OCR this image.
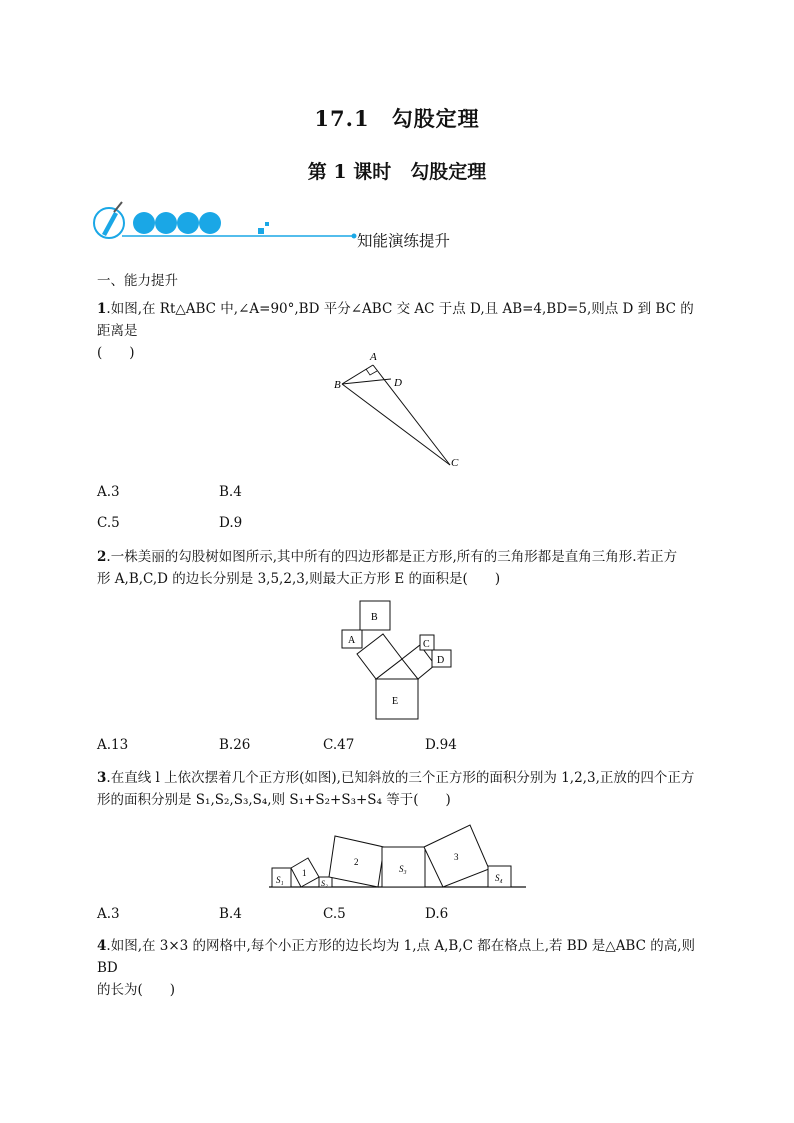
17.1　勾股定理
第 1 课时　勾股定理
知能演练提升
一、能力提升
1.如图,在 Rt△ABC 中,∠A=90°,BD 平分∠ABC 交 AC 于点 D,且 AB=4,BD=5,则点 D 到 BC 的距离是
(　　)	A
B	D
C
A.3	B.4
C.5	D.9
2.一株美丽的勾股树如图所示,其中所有的四边形都是正方形,所有的三角形都是直角三角形.若正方
形 A,B,C,D 的边长分别是 3,5,2,3,则最大正方形 E 的面积是(　　)
E
A
B
C
D
A.13	B.26	C.47	D.94
3.在直线 l 上依次摆着几个正方形(如图),已知斜放的三个正方形的面积分别为 1,2,3,正放的四个正方
形的面积分别是 S₁,S₂,S₃,S₄,则 S₁+S₂+S₃+S₄ 等于(　　)
S₁
1
S₂
2
S₃
3
S₄
A.3	B.4	C.5	D.6
4.如图,在 3×3 的网格中,每个小正方形的边长均为 1,点 A,B,C 都在格点上,若 BD 是△ABC 的高,则 BD
的长为(　　)
